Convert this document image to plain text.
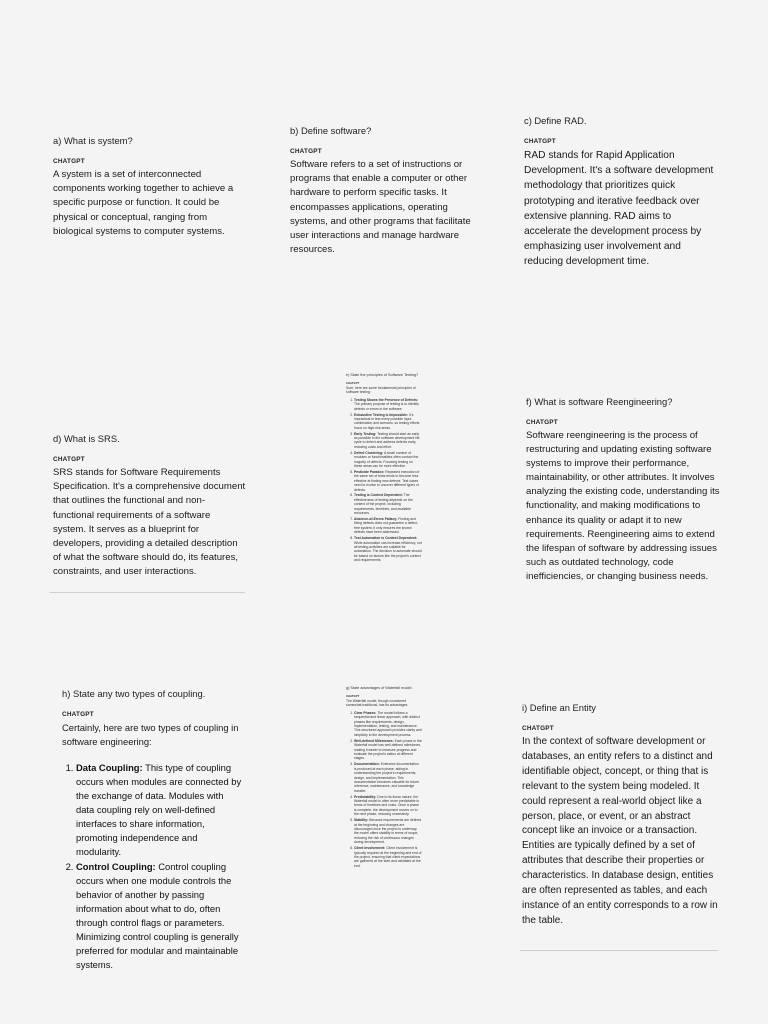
a) What is system?

CHATGPT

A system is a set of interconnected components working together to achieve a specific purpose or function. It could be physical or conceptual, ranging from biological systems to computer systems.

b) Define software?

CHATGPT

Software refers to a set of instructions or programs that enable a computer or other hardware to perform specific tasks. It encompasses applications, operating systems, and other programs that facilitate user interactions and manage hardware resources.

c) Define RAD.

CHATGPT

RAD stands for Rapid Application Development. It's a software development methodology that prioritizes quick prototyping and iterative feedback over extensive planning. RAD aims to accelerate the development process by emphasizing user involvement and reducing development time.

d) What is SRS.

CHATGPT

SRS stands for Software Requirements Specification. It's a comprehensive document that outlines the functional and non-functional requirements of a software system. It serves as a blueprint for developers, providing a detailed description of what the software should do, its features, constraints, and user interactions.

e) State the principles of Software Testing?
CHATGPT
Sure, here are some fundamental principles of software testing:
1. Testing Shows the Presence of Defects: The primary purpose of testing is to identify defects or errors in the software.
2. Exhaustive Testing is Impossible: It's impractical to test every possible input combination and scenario, so testing efforts focus on high-risk areas.
3. Early Testing: Testing should start as early as possible in the software development life cycle to detect and address defects early, reducing costs and effort.
4. Defect Clustering: A small number of modules or functionalities often contain the majority of defects. Focusing testing on these areas can be more effective.
5. Pesticide Paradox: Repeated execution of the same set of tests tends to become less effective at finding new defects. Test cases need to evolve to uncover different types of defects.
6. Testing is Context Dependent: The effectiveness of testing depends on the context of the project, including requirements, timelines, and available resources.
7. Absence-of-Errors Fallacy: Finding and fixing defects does not guarantee a defect-free system; it only ensures the known defects have been addressed.
8. Test Automation is Context Dependent: While automation can increase efficiency, not all testing activities are suitable for automation. The decision to automate should be based on factors like the project's context and requirements.

f) What is software Reengineering?

CHATGPT

Software reengineering is the process of restructuring and updating existing software systems to improve their performance, maintainability, or other attributes. It involves analyzing the existing code, understanding its functionality, and making modifications to enhance its quality or adapt it to new requirements. Reengineering aims to extend the lifespan of software by addressing issues such as outdated technology, code inefficiencies, or changing business needs.

g) State advantages of Waterfall model.
CHATGPT
The Waterfall model, though considered somewhat traditional, has its advantages:
1. Clear Phases: The model follows a sequential and linear approach, with distinct phases like requirements, design, implementation, testing, and maintenance. This structured approach provides clarity and simplicity to the development process.
2. Well-defined Milestones: Each phase in the Waterfall model has well-defined milestones, making it easier to measure progress and evaluate the project's status at different stages.
3. Documentation: Extensive documentation is produced at each phase, aiding in understanding the project's requirements, design, and implementation. This documentation becomes valuable for future reference, maintenance, and knowledge transfer.
4. Predictability: Due to its linear nature, the Waterfall model is often more predictable in terms of timelines and costs. Once a phase is complete, the development moves on to the next phase, reducing uncertainty.
5. Stability: Because requirements are defined at the beginning and changes are discouraged once the project is underway, the model offers stability in terms of scope, reducing the risk of continuous changes during development.
6. Client Involvement: Client involvement is typically required at the beginning and end of the project, ensuring that client expectations are gathered at the start and validated at the end.

h) State any two types of coupling.

CHATGPT

Certainly, here are two types of coupling in software engineering:

1. Data Coupling: This type of coupling occurs when modules are connected by the exchange of data. Modules with data coupling rely on well-defined interfaces to share information, promoting independence and modularity.
2. Control Coupling: Control coupling occurs when one module controls the behavior of another by passing information about what to do, often through control flags or parameters. Minimizing control coupling is generally preferred for modular and maintainable systems.

i) Define an Entity

CHATGPT

In the context of software development or databases, an entity refers to a distinct and identifiable object, concept, or thing that is relevant to the system being modeled. It could represent a real-world object like a person, place, or event, or an abstract concept like an invoice or a transaction. Entities are typically defined by a set of attributes that describe their properties or characteristics. In database design, entities are often represented as tables, and each instance of an entity corresponds to a row in the table.
